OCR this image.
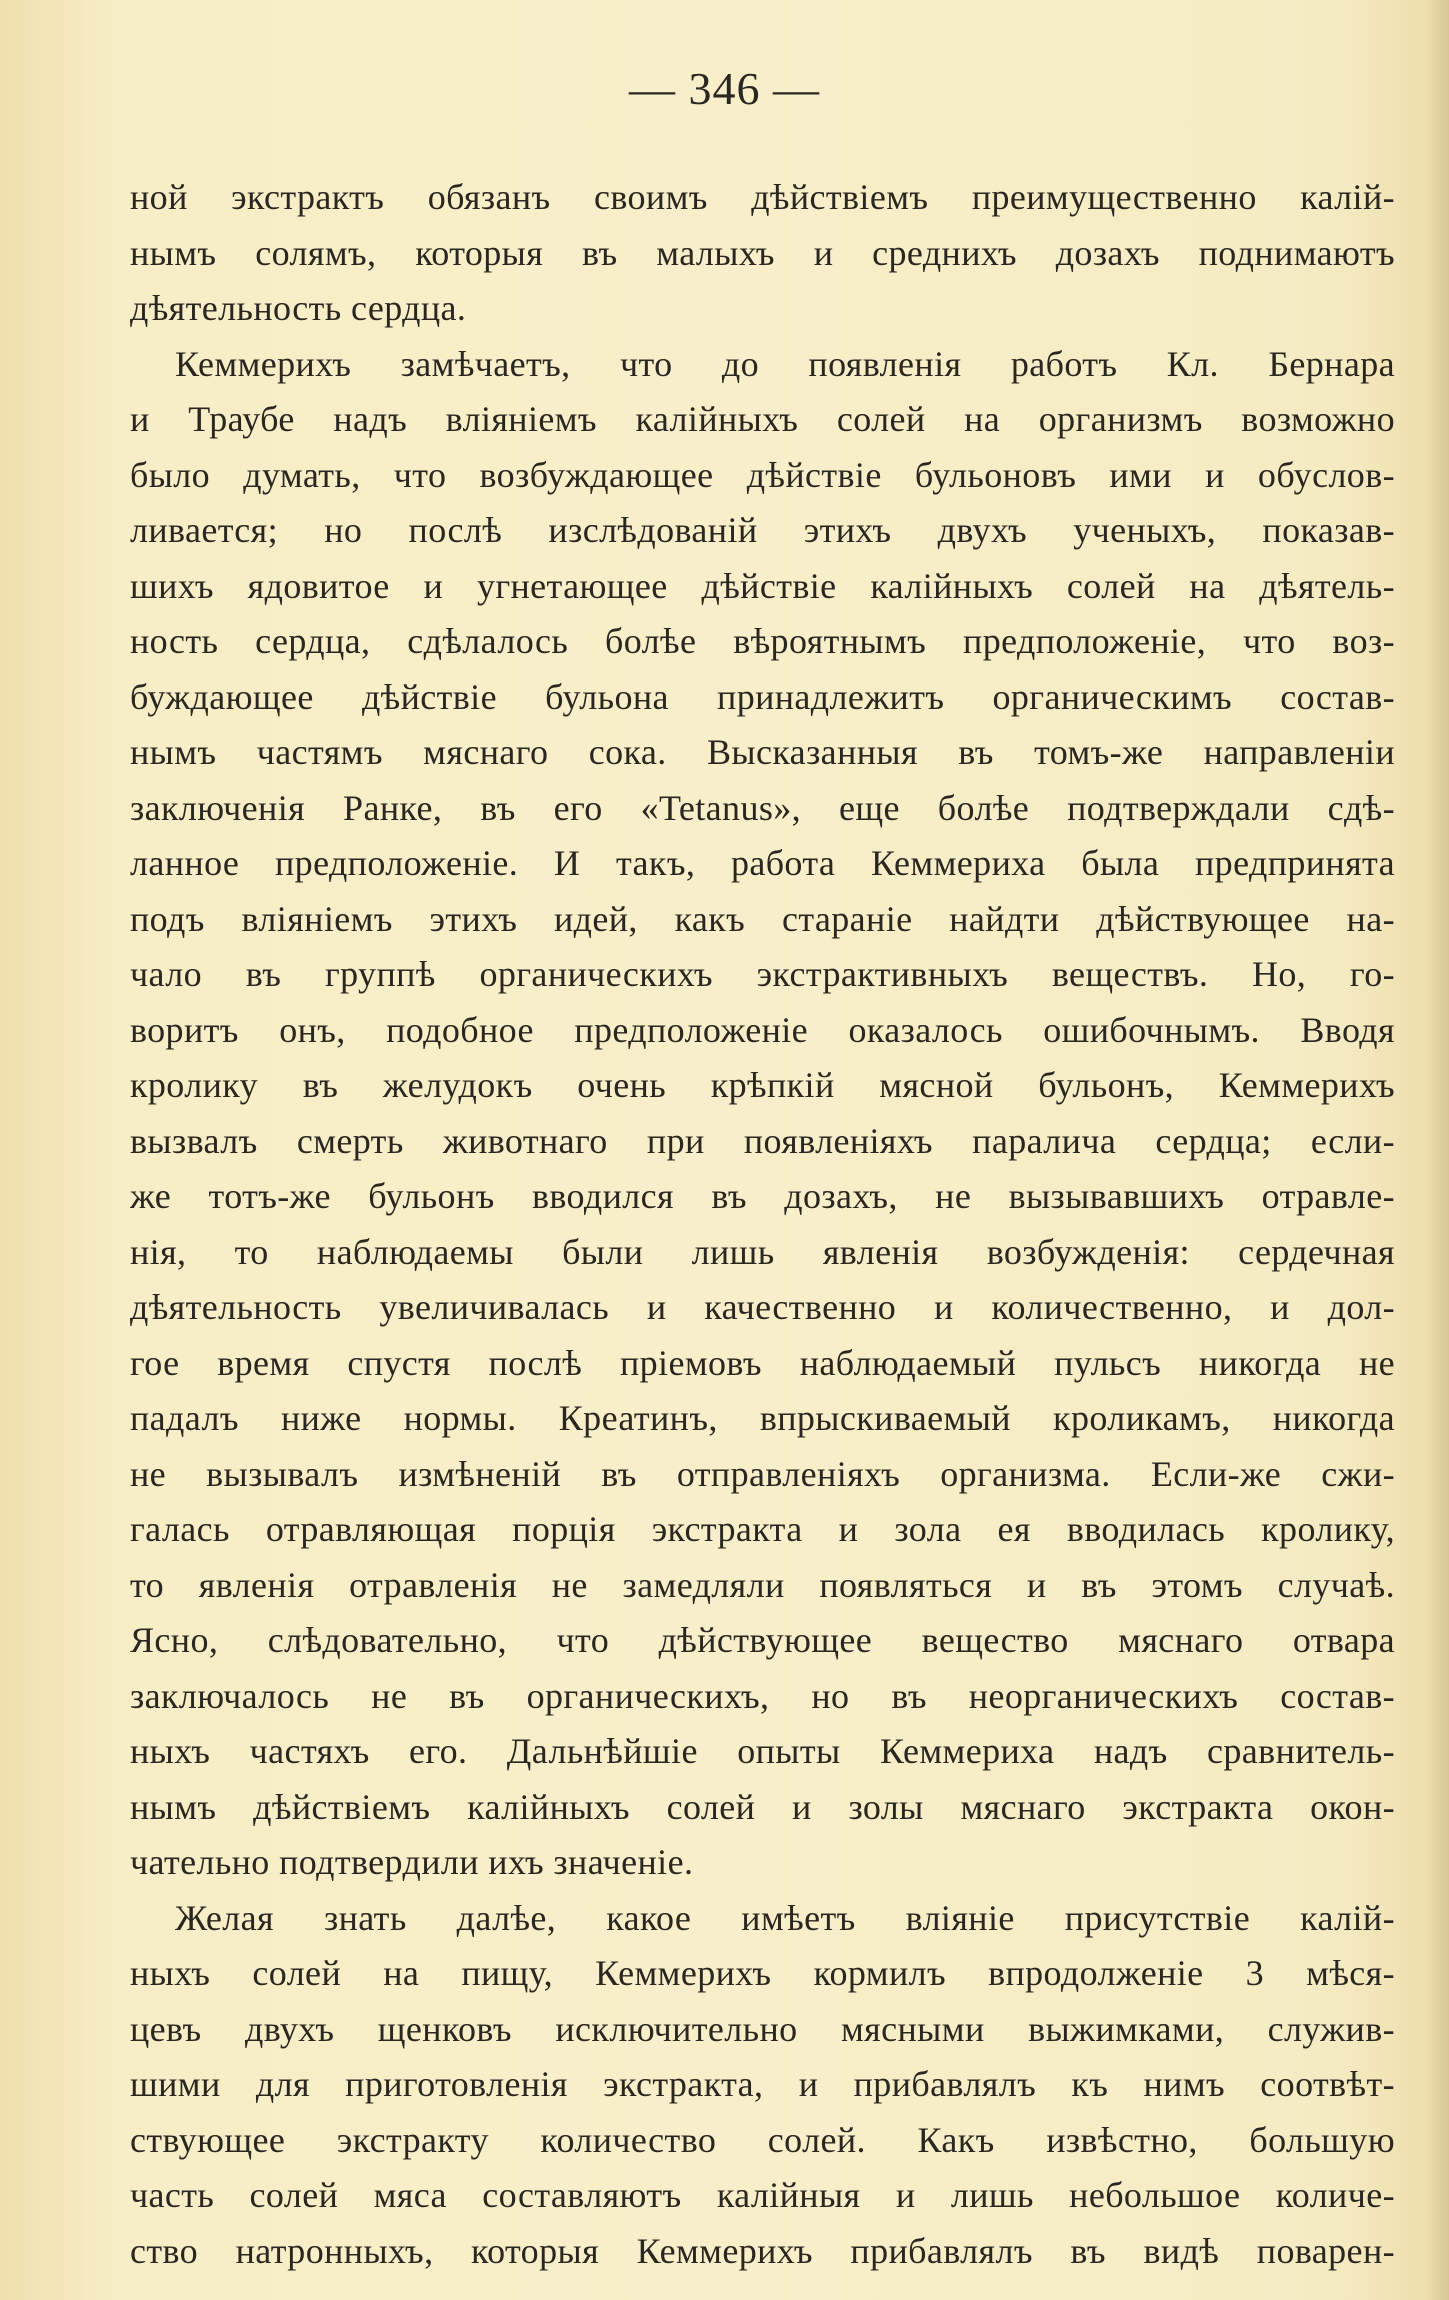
— 346 —
ной экстрактъ обязанъ своимъ дѣйствіемъ преимущественно калій-
нымъ солямъ, которыя въ малыхъ и среднихъ дозахъ поднимаютъ
дѣятельность сердца.
Кеммерихъ замѣчаетъ, что до появленія работъ Кл. Бернара
и Траубе надъ вліяніемъ калійныхъ солей на организмъ возможно
было думать, что возбуждающее дѣйствіе бульоновъ ими и обуслов-
ливается; но послѣ изслѣдованій этихъ двухъ ученыхъ, показав-
шихъ ядовитое и угнетающее дѣйствіе калійныхъ солей на дѣятель-
ность сердца, сдѣлалось болѣе вѣроятнымъ предположеніе, что воз-
буждающее дѣйствіе бульона принадлежитъ органическимъ состав-
нымъ частямъ мяснаго сока. Высказанныя въ томъ-же направленіи
заключенія Ранке, въ его «Tetanus», еще болѣе подтверждали сдѣ-
ланное предположеніе. И такъ, работа Кеммериха была предпринята
подъ вліяніемъ этихъ идей, какъ стараніе найдти дѣйствующее на-
чало въ группѣ органическихъ экстрактивныхъ веществъ. Но, го-
воритъ онъ, подобное предположеніе оказалось ошибочнымъ. Вводя
кролику въ желудокъ очень крѣпкій мясной бульонъ, Кеммерихъ
вызвалъ смерть животнаго при появленіяхъ паралича сердца; если-
же тотъ-же бульонъ вводился въ дозахъ, не вызывавшихъ отравле-
нія, то наблюдаемы были лишь явленія возбужденія: сердечная
дѣятельность увеличивалась и качественно и количественно, и дол-
гое время спустя послѣ пріемовъ наблюдаемый пульсъ никогда не
падалъ ниже нормы. Креатинъ, впрыскиваемый кроликамъ, никогда
не вызывалъ измѣненій въ отправленіяхъ организма. Если-же сжи-
галась отравляющая порція экстракта и зола ея вводилась кролику,
то явленія отравленія не замедляли появляться и въ этомъ случаѣ.
Ясно, слѣдовательно, что дѣйствующее вещество мяснаго отвара
заключалось не въ органическихъ, но въ неорганическихъ состав-
ныхъ частяхъ его. Дальнѣйшіе опыты Кеммериха надъ сравнитель-
нымъ дѣйствіемъ калійныхъ солей и золы мяснаго экстракта окон-
чательно подтвердили ихъ значеніе.
Желая знать далѣе, какое имѣетъ вліяніе присутствіе калій-
ныхъ солей на пищу, Кеммерихъ кормилъ впродолженіе 3 мѣся-
цевъ двухъ щенковъ исключительно мясными выжимками, служив-
шими для приготовленія экстракта, и прибавлялъ къ нимъ соотвѣт-
ствующее экстракту количество солей. Какъ извѣстно, большую
часть солей мяса составляютъ калійныя и лишь небольшое количе-
ство натронныхъ, которыя Кеммерихъ прибавлялъ въ видѣ поварен-
